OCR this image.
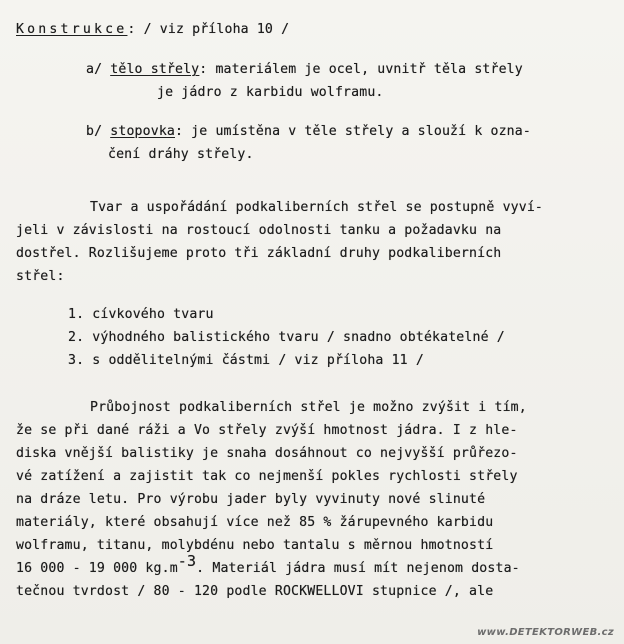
Konstrukce: / viz příloha 10 /
a/ tělo střely: materiálem je ocel, uvnitř těla střely
je jádro z karbidu wolframu.
b/ stopovka: je umístěna v těle střely a slouží k ozna-
čení dráhy střely.
Tvar a uspořádání podkaliberních střel se postupně vyví-
jeli v závislosti na rostoucí odolnosti tanku a požadavku na
dostřel. Rozlišujeme proto tři základní druhy podkaliberních
střel:
1. cívkového tvaru
2. výhodného balistického tvaru / snadno obtékatelné /
3. s oddělitelnými částmi / viz příloha 11 /
Průbojnost podkaliberních střel je možno zvýšit i tím,
že se při dané ráži a Vo střely zvýší hmotnost jádra. I z hle-
diska vnější balistiky je snaha dosáhnout co nejvyšší průřezo-
vé zatížení a zajistit tak co nejmenší pokles rychlosti střely
na dráze letu. Pro výrobu jader byly vyvinuty nové slinuté
materiály, které obsahují více než 85 % žárupevného karbidu
wolframu, titanu, molybdénu nebo tantalu s měrnou hmotností
16 000 - 19 000 $kg.m^{-3}$. Materiál jádra musí mít nejenom dosta-
tečnou tvrdost / 80 - 120 podle ROCKWELLOVI stupnice /, ale
www.DETEKTORWEB.cz
